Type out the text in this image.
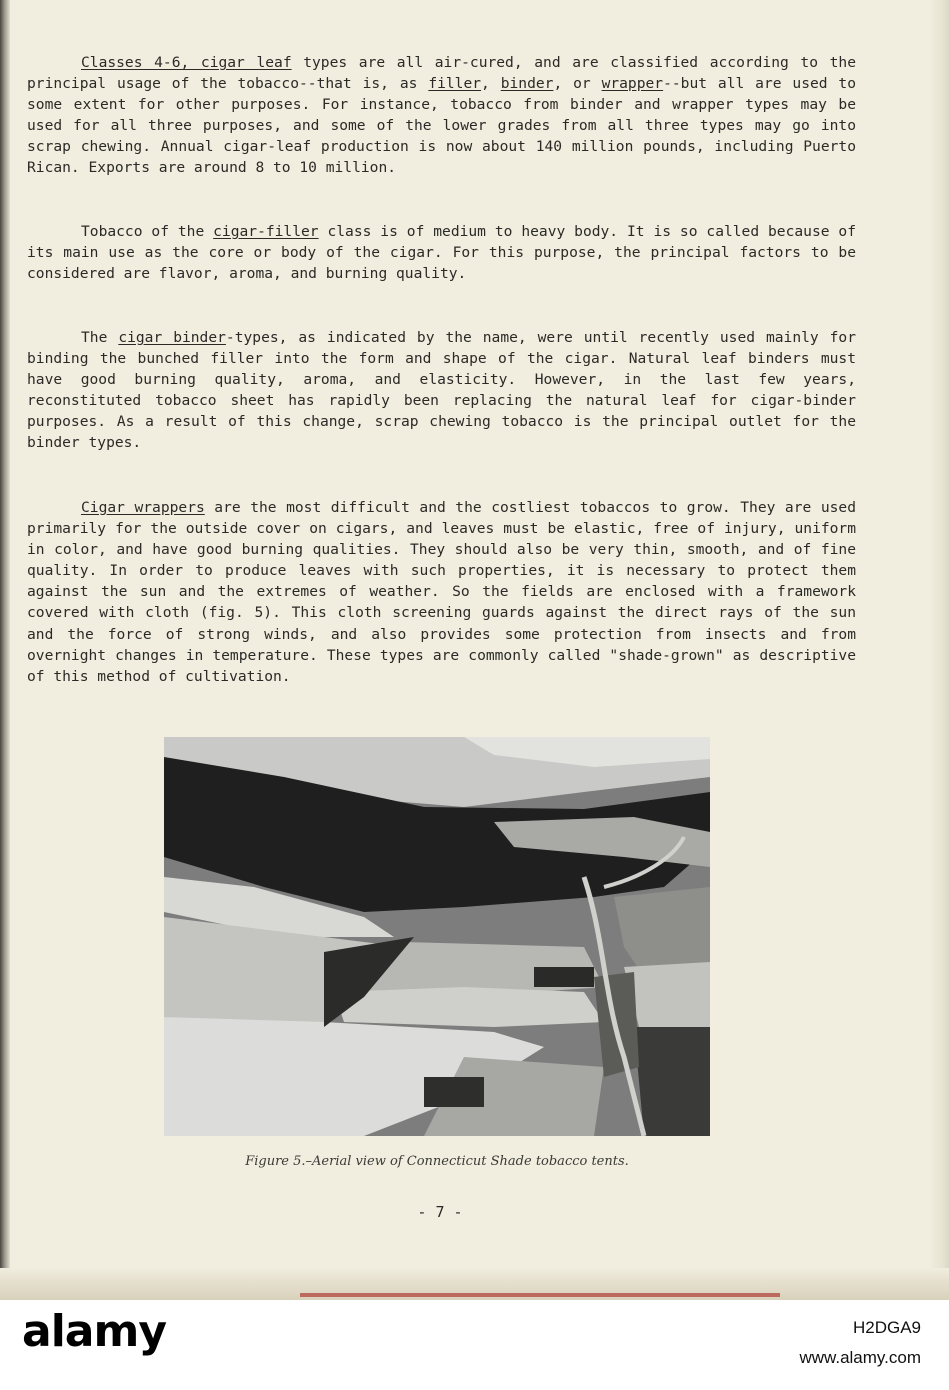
Classes 4-6, cigar leaf types are all air-cured, and are classified according to the principal usage of the tobacco--that is, as filler, binder, or wrapper--but all are used to some extent for other purposes. For instance, tobacco from binder and wrapper types may be used for all three purposes, and some of the lower grades from all three types may go into scrap chewing. Annual cigar-leaf production is now about 140 million pounds, including Puerto Rican. Exports are around 8 to 10 million.

Tobacco of the cigar-filler class is of medium to heavy body. It is so called because of its main use as the core or body of the cigar. For this purpose, the principal factors to be considered are flavor, aroma, and burning quality.

The cigar binder-types, as indicated by the name, were until recently used mainly for binding the bunched filler into the form and shape of the cigar. Natural leaf binders must have good burning quality, aroma, and elasticity. However, in the last few years, reconstituted tobacco sheet has rapidly been replacing the natural leaf for cigar-binder purposes. As a result of this change, scrap chewing tobacco is the principal outlet for the binder types.

Cigar wrappers are the most difficult and the costliest tobaccos to grow. They are used primarily for the outside cover on cigars, and leaves must be elastic, free of injury, uniform in color, and have good burning qualities. They should also be very thin, smooth, and of fine quality. In order to produce leaves with such properties, it is necessary to protect them against the sun and the extremes of weather. So the fields are enclosed with a framework covered with cloth (fig. 5). This cloth screening guards against the direct rays of the sun and the force of strong winds, and also provides some protection from insects and from overnight changes in temperature. These types are commonly called "shade-grown" as descriptive of this method of cultivation.

Figure 5.–Aerial view of Connecticut Shade tobacco tents.
- 7 -
alamy	H2DGA9
www.alamy.com
